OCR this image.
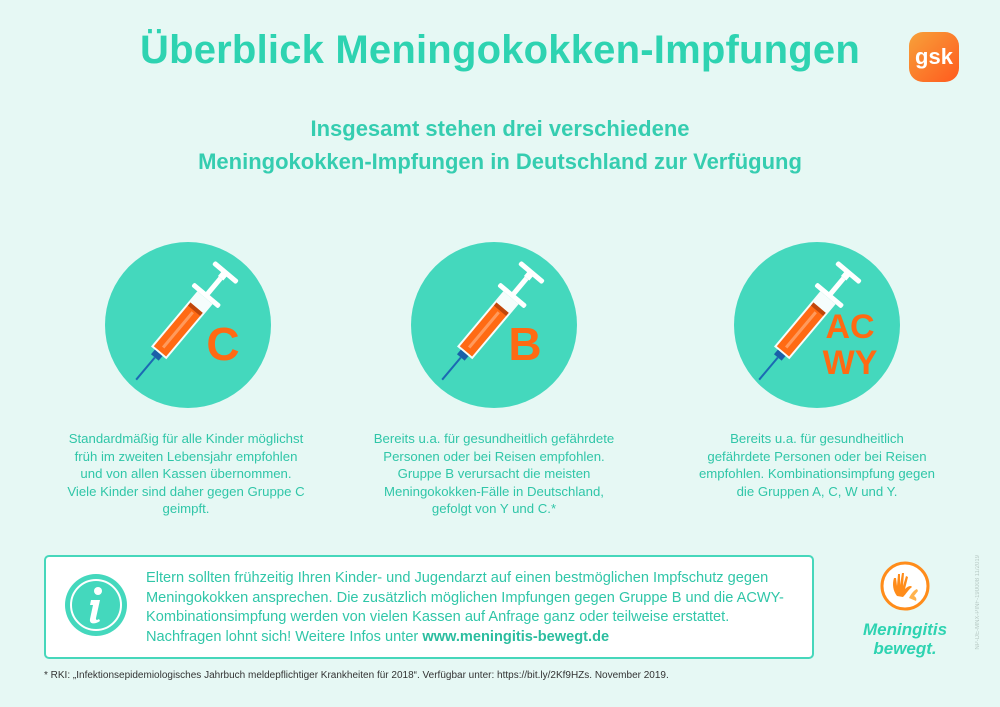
Überblick Meningokokken-Impfungen	gsk
Insgesamt stehen drei verschiedene
Meningokokken-Impfungen in Deutschland zur Verfügung
C	B	AC
WY
Standardmäßig für alle Kinder möglichst früh im zweiten Lebensjahr empfohlen und von allen Kassen übernommen. Viele Kinder sind daher gegen Gruppe C geimpft.
Bereits u.a. für gesundheitlich gefährdete Personen oder bei Reisen empfohlen. Gruppe B verursacht die meisten Meningokokken-Fälle in Deutschland, gefolgt von Y und C.*
Bereits u.a. für gesundheitlich gefährdete Personen oder bei Reisen empfohlen. Kombinationsimpfung gegen die Gruppen A, C, W und Y.
Eltern sollten frühzeitig Ihren Kinder- und Jugendarzt auf einen bestmöglichen Impfschutz gegen Meningokokken ansprechen. Die zusätzlich möglichen Impfungen gegen Gruppe B und die ACWY-Kombinationsimpfung werden von vielen Kassen auf Anfrage ganz oder teilweise erstattet. Nachfragen lohnt sich! Weitere Infos unter www.meningitis-bewegt.de	Meningitis
bewegt.
* RKI: „Infektionsepidemiologisches Jahrbuch meldepflichtiger Krankheiten für 2018“. Verfügbar unter: https://bit.ly/2Kf9HZs. November 2019.
NP-DE-MNX-PINF-190008 11/2019
